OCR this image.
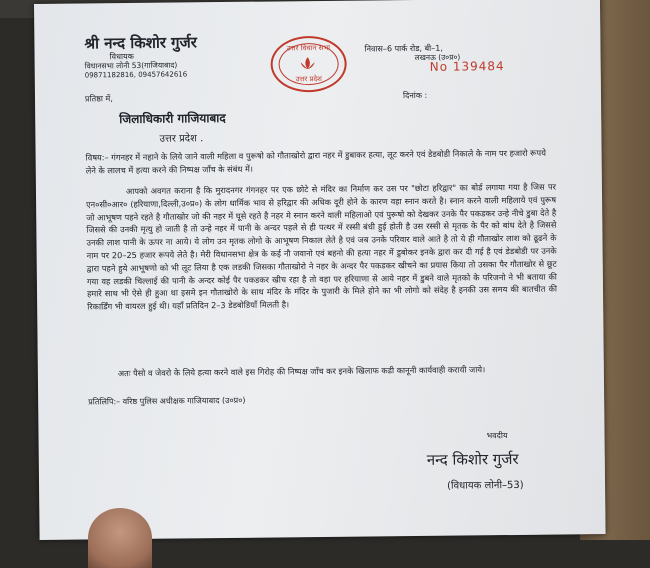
श्री नन्द किशोर गुर्जर
विधायक
विधानसभा लोनी 53(गाजियाबाद)
09871182816, 09457642616
उत्तर विधान सभा
उत्तर प्रदेश
निवास–6 पार्क रोड, बी–1,
लखनऊ (उ०प्र०)
No 139484
प्रतिष्ठा में,	दिनांक :
जिलाधिकारी गाजियाबाद
उत्तर प्रदेश .
विषय:– गंगनहर में नहाने के लिये जाने वाली महिला व पुरूषो को गौताखोरो द्वारा नहर में डुबाकर हत्या, लूट करने एवं डेडबोडी निकाले के नाम पर हजारो रूपये लेने के लालच में हत्या करने की निष्पक्ष जाँच के संबंध में।
आपको अवगत कराना है कि मुरादनगर गंगनहर पर एक छोटे से मंदिर का निर्माण कर उस पर "छोटा हरिद्वार" का बोर्ड लगाया गया है जिस पर एन०सी०आर० (हरियाणा,दिल्ली,उ०प्र०) के लोग धार्मिक भाव से हरिद्वार की अधिक दूरी होने के कारण वहा स्नान करते है। स्नान करने वाली महिलाये एवं पुरूष जो आभूषण पहने रहते है गौताखोर जो की नहर में घूसे रहते है नहर मे स्नान करने वाली महिलाओ एवं पुरूषो को देखकर उनके पैर पकडकर उन्हे नीचे डुबा देते है जिससे की उनकी मृत्यु हो जाती है तो उन्हे नहर में पानी के अन्दर पहले से ही पत्थर में रस्सी बंधी हुई होती है उस रस्सी से मृतक के पैर को बांध देते है जिससे उनकी लाश पानी के ऊपर ना आये। ये लोग उन मृतक लोगो के आभूषण निकाल लेते है एवं जब उनके परिवार वाले आते है तो ये ही गौताखोर लाश को ढूढने के नाम पर 20–25 हजार रूपये लेते है। मेरी विधानसभा क्षेत्र के कई नौ जवानो एवं बहनो की हत्या नहर में डुबोकर इनके द्वारा कर दी गई है एवं डेडबोडी पर उनके द्वारा पहने हुये आभूषणो को भी लूट लिया है एक लडकी जिसका गौताखोरो ने नहर के अन्दर पैर पकडकर खीचने का प्रयास किया तो उसका पैर गौताखोर से छूट गया वह लडकी चिल्लाई की पानी के अन्दर कोई पैर पकडकर खीच रहा है तो वहा पर हरियाणा से आये नहर में डुबने वाले मृतको के परिजनो ने भी बताया की हमारे साथ भी ऐसे ही हुआ था इसमे इन गौताखोरो के साथ मंदिर के मंदिर के पुजारी के मिले होने का भी लोगो को संदेह है इनकी उस समय की बातचीत की रिकार्डिंग भी वायरल हुई थी। यहाँ प्रतिदिन 2–3 डेडबोडियाँ मिलती है।
अतः पैसो व जेवरो के लिये हत्या करने वाले इस गिरोह की निष्पक्ष जाँच कर इनके खिलाफ कडी कानूनी कार्यवाही करायी जाये।
प्रतिलिपि:– वरिष्ठ पुलिस अधीक्षक गाजियाबाद (उ०प्र०)
भवदीय
नन्द किशोर गुर्जर
(विधायक लोनी–53)
